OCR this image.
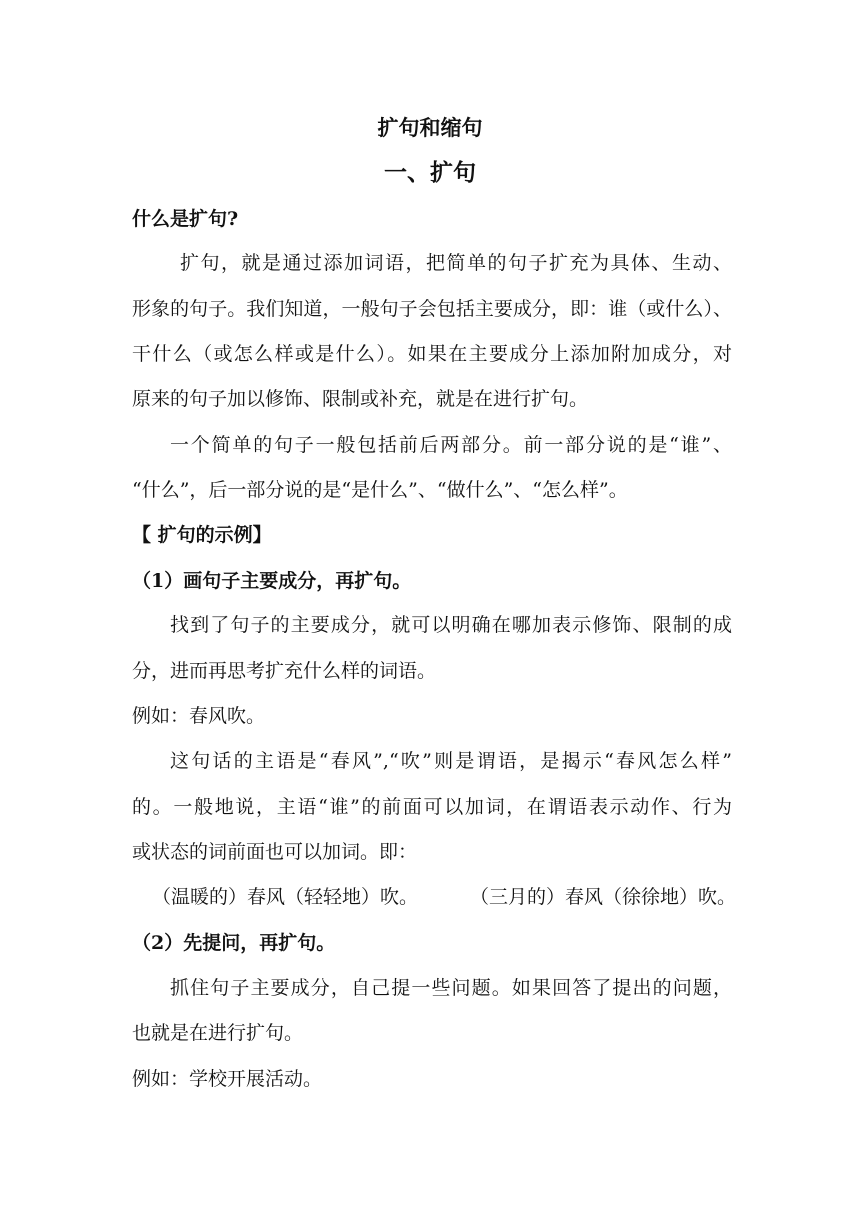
扩句和缩句
一、扩句
什么是扩句?
扩句，就是通过添加词语，把简单的句子扩充为具体、生动、
形象的句子。我们知道，一般句子会包括主要成分，即：谁（或什么）、
干什么（或怎么样或是什么）。如果在主要成分上添加附加成分，对
原来的句子加以修饰、限制或补充，就是在进行扩句。
一个简单的句子一般包括前后两部分。前一部分说的是“谁”、
“什么”，后一部分说的是“是什么”、“做什么”、“怎么样”。
【 扩句的示例】
（1）画句子主要成分，再扩句。
找到了句子的主要成分，就可以明确在哪加表示修饰、限制的成
分，进而再思考扩充什么样的词语。
例如：春风吹。
这句话的主语是“春风”,“吹”则是谓语，是揭示“春风怎么样”
的。一般地说，主语“谁”的前面可以加词，在谓语表示动作、行为
或状态的词前面也可以加词。即：
（温暖的）春风（轻轻地）吹。	（三月的）春风（徐徐地）吹。
（2）先提问，再扩句。
抓住句子主要成分，自己提一些问题。如果回答了提出的问题，
也就是在进行扩句。
例如：学校开展活动。
